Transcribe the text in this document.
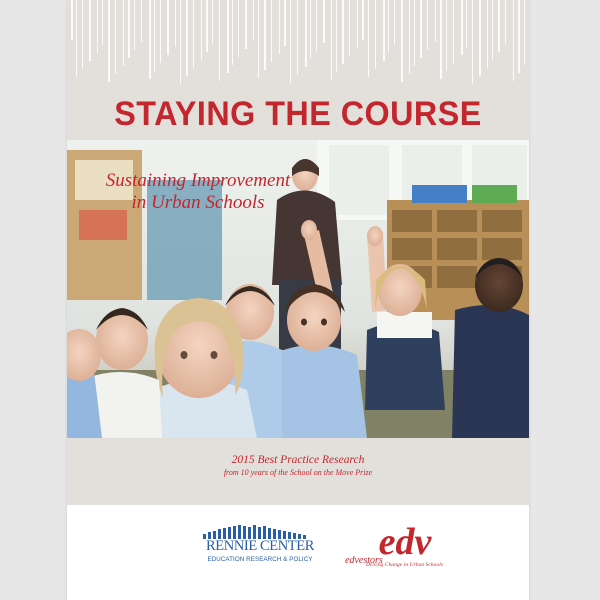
STAYING THE COURSE
Sustaining Improvement
in Urban Schools
2015 Best Practice Research
from 10 years of the School on the Move Prize
RENNIE CENTER
EDUCATION RESEARCH & POLICY	edv
edvestors
Driving Change in Urban Schools
